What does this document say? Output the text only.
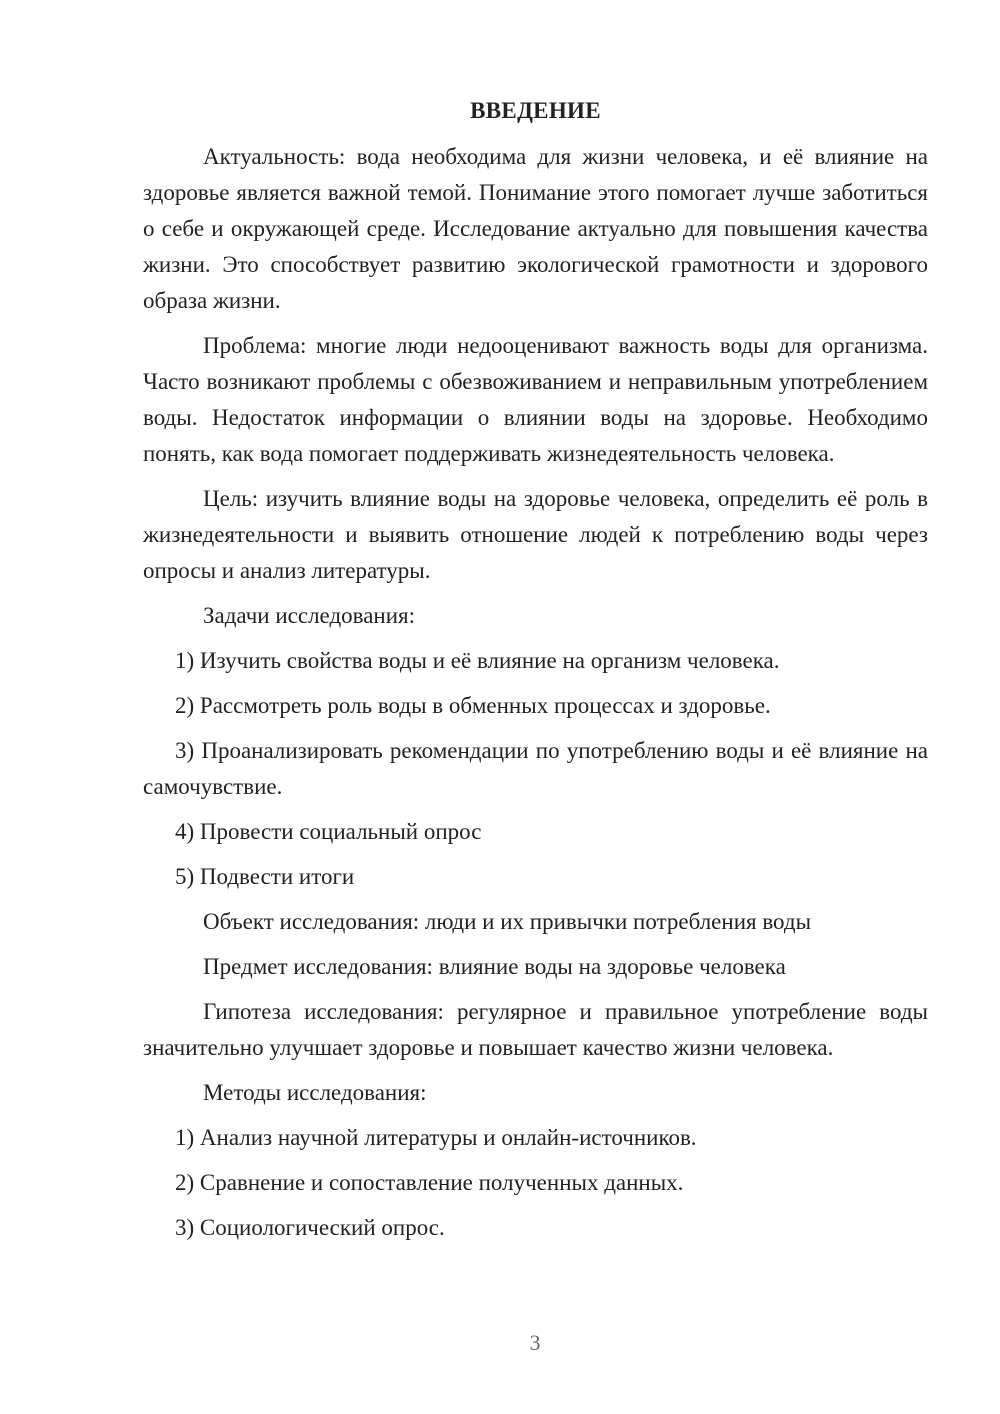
ВВЕДЕНИЕ

Актуальность: вода необходима для жизни человека, и её влияние на здоровье является важной темой. Понимание этого помогает лучше заботиться о себе и окружающей среде. Исследование актуально для повышения качества жизни. Это способствует развитию экологической грамотности и здорового образа жизни.

Проблема: многие люди недооценивают важность воды для организма. Часто возникают проблемы с обезвоживанием и неправильным употреблением воды. Недостаток информации о влиянии воды на здоровье. Необходимо понять, как вода помогает поддерживать жизнедеятельность человека.

Цель: изучить влияние воды на здоровье человека, определить её роль в жизнедеятельности и выявить отношение людей к потреблению воды через опросы и анализ литературы.

Задачи исследования:

1) Изучить свойства воды и её влияние на организм человека.

2) Рассмотреть роль воды в обменных процессах и здоровье.

3) Проанализировать рекомендации по употреблению воды и её влияние на самочувствие.

4) Провести социальный опрос

5) Подвести итоги

Объект исследования: люди и их привычки потребления воды

Предмет исследования: влияние воды на здоровье человека

Гипотеза исследования: регулярное и правильное употребление воды значительно улучшает здоровье и повышает качество жизни человека.

Методы исследования:

1) Анализ научной литературы и онлайн-источников.

2) Сравнение и сопоставление полученных данных.

3) Социологический опрос.

3
